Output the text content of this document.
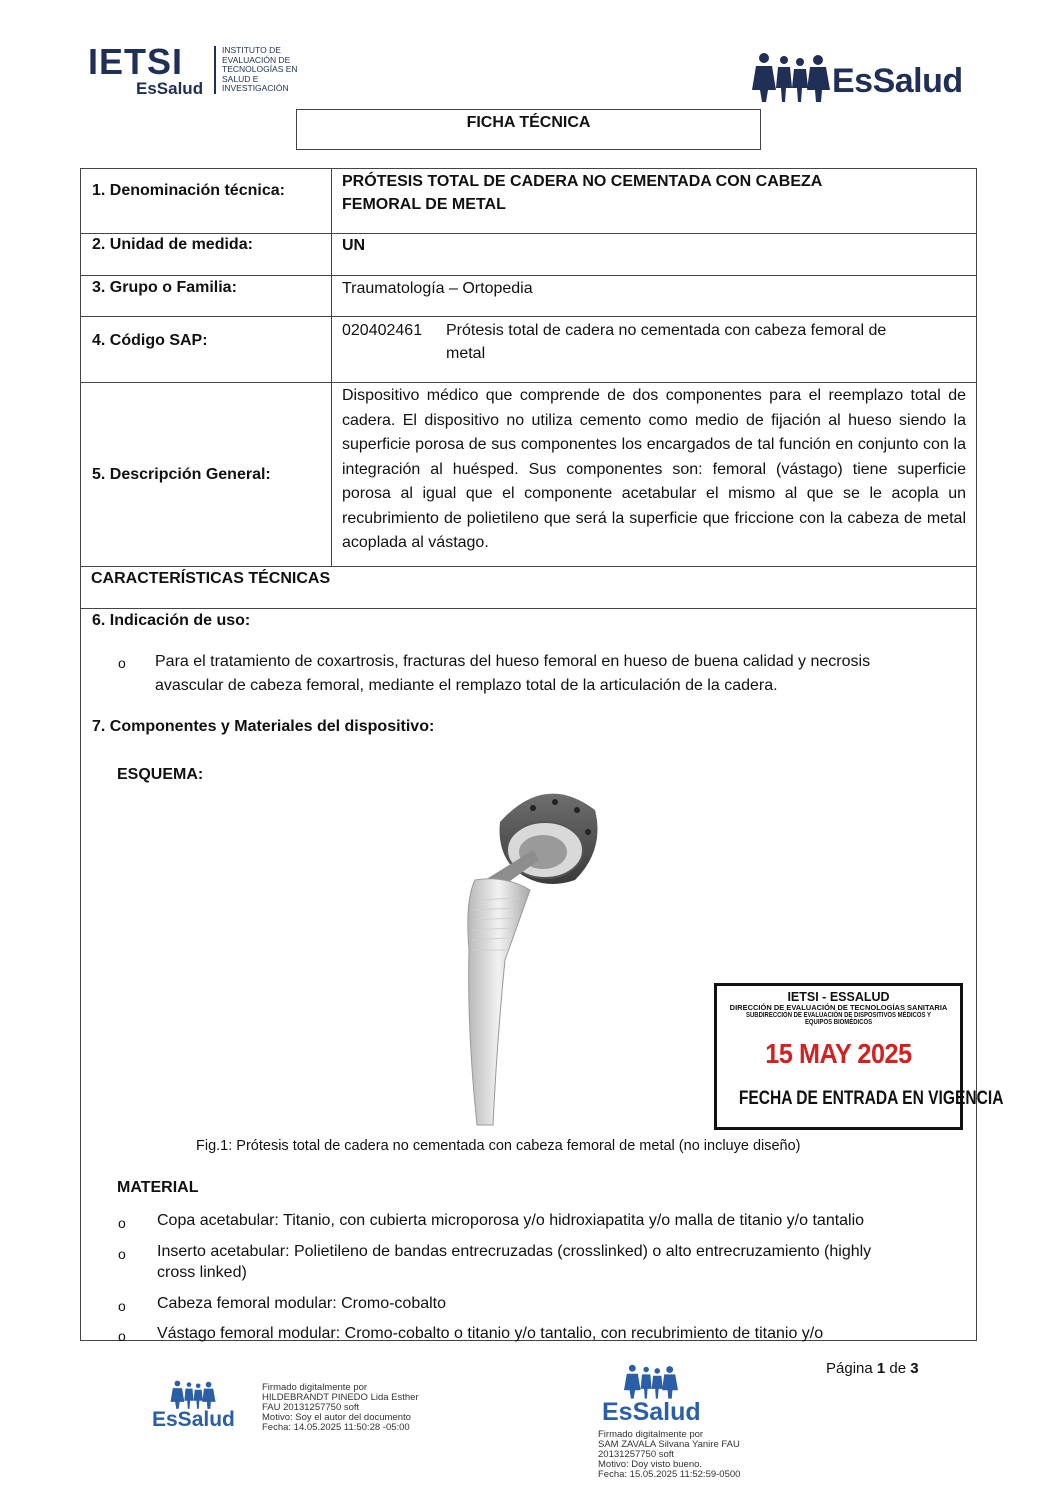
IETSI
EsSalud
INSTITUTO DE
EVALUACIÓN DE
TECNOLOGÍAS EN
SALUD E
INVESTIGACIÓN	EsSalud
FICHA TÉCNICA
1. Denominación técnica:
PRÓTESIS TOTAL DE CADERA NO CEMENTADA CON CABEZA
FEMORAL DE METAL
2. Unidad de medida:	UN
3. Grupo o Familia:	Traumatología – Ortopedia
4. Código SAP:
020402461 Prótesis total de cadera no cementada con cabeza femoral de
metal
5. Descripción General:
Dispositivo médico que comprende de dos componentes para el reemplazo total de cadera. El dispositivo no utiliza cemento como medio de fijación al hueso siendo la superficie porosa de sus componentes los encargados de tal función en conjunto con la integración al huésped. Sus componentes son: femoral (vástago) tiene superficie porosa al igual que el componente acetabular el mismo al que se le acopla un recubrimiento de polietileno que será la superficie que friccione con la cabeza de metal acoplada al vástago.
CARACTERÍSTICAS TÉCNICAS
6. Indicación de uso:
o Para el tratamiento de coxartrosis, fracturas del hueso femoral en hueso de buena calidad y necrosis
avascular de cabeza femoral, mediante el remplazo total de la articulación de la cadera.
7. Componentes y Materiales del dispositivo:
ESQUEMA:
IETSI - ESSALUD
DIRECCIÓN DE EVALUACIÓN DE TECNOLOGÍAS SANITARIA
SUBDIRECCIÓN DE EVALUACIÓN DE DISPOSITIVOS MÉDICOS Y EQUIPOS BIOMÉDICOS
15 MAY 2025
FECHA DE ENTRADA EN VIGENCIA
Fig.1: Prótesis total de cadera no cementada con cabeza femoral de metal (no incluye diseño)
MATERIAL
o Copa acetabular: Titanio, con cubierta microporosa y/o hidroxiapatita y/o malla de titanio y/o tantalio
o Inserto acetabular: Polietileno de bandas entrecruzadas (crosslinked) o alto entrecruzamiento (highly
cross linked)
o Cabeza femoral modular: Cromo-cobalto
o Vástago femoral modular: Cromo-cobalto o titanio y/o tantalio, con recubrimiento de titanio y/o
Página 1 de 3
EsSalud
Firmado digitalmente por
HILDEBRANDT PINEDO Lida Esther
FAU 20131257750 soft
Motivo: Soy el autor del documento
Fecha: 14.05.2025 11:50:28 -05:00
EsSalud
Firmado digitalmente por
SAM ZAVALA Silvana Yanire FAU
20131257750 soft
Motivo: Doy visto bueno.
Fecha: 15.05.2025 11:52:59-0500
